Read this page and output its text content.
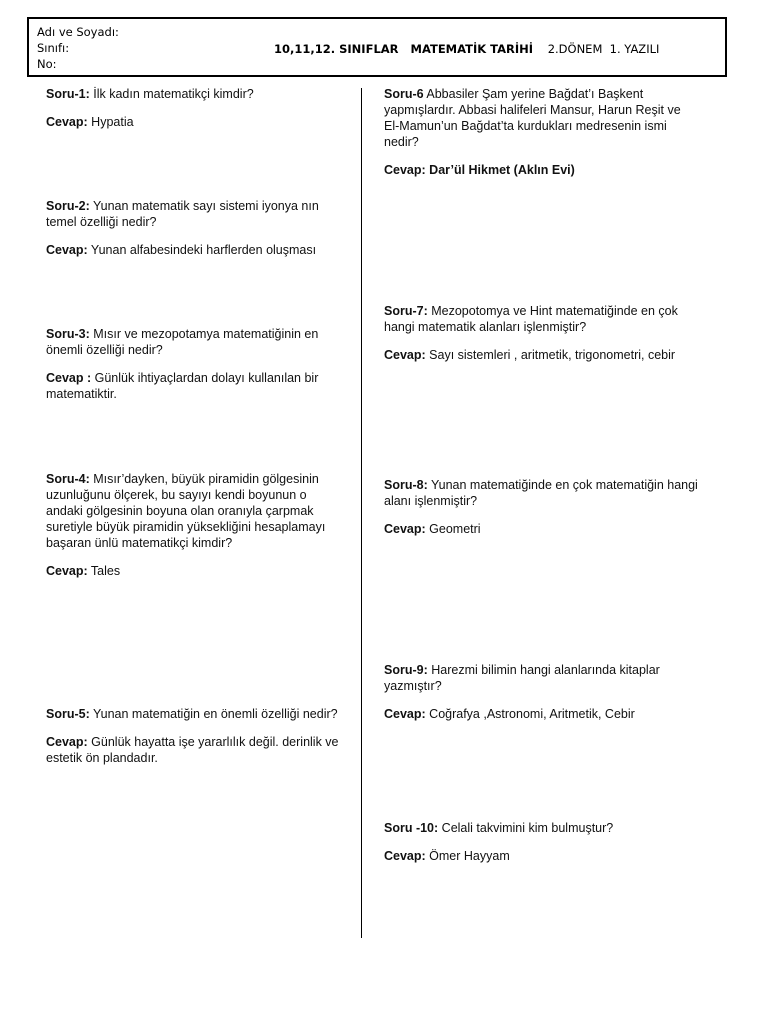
Adı ve Soyadı:
Sınıfı:
No:
10,11,12. SINIFLAR   MATEMATİK TARİHİ 2.DÖNEM  1. YAZILI

Soru-1: İlk kadın matematikçi kimdir?

Cevap: Hypatia

Soru-2: Yunan matematik sayı sistemi iyonya nın temel özelliği nedir?

Cevap: Yunan alfabesindeki harflerden oluşması

Soru-3: Mısır ve mezopotamya matematiğinin en önemli özelliği nedir?

Cevap : Günlük ihtiyaçlardan dolayı kullanılan bir matematiktir.

Soru-4: Mısır’dayken, büyük piramidin gölgesinin uzunluğunu ölçerek, bu sayıyı kendi boyunun o andaki gölgesinin boyuna olan oranıyla çarpmak suretiyle büyük piramidin yüksekliğini hesaplamayı başaran ünlü matematikçi kimdir?

Cevap: Tales

Soru-5: Yunan matematiğin en önemli özelliği nedir?

Cevap: Günlük hayatta işe yararlılık değil. derinlik ve estetik ön plandadır.

Soru-6 Abbasiler Şam yerine Bağdat’ı Başkent yapmışlardır. Abbasi halifeleri Mansur, Harun Reşit ve El-Mamun’un Bağdat’ta kurdukları medresenin ismi nedir?

Cevap: Dar’ül Hikmet (Aklın Evi)

Soru-7: Mezopotomya ve Hint matematiğinde en çok hangi matematik alanları işlenmiştir?

Cevap: Sayı sistemleri , aritmetik, trigonometri, cebir

Soru-8: Yunan matematiğinde en çok matematiğin hangi alanı işlenmiştir?

Cevap: Geometri

Soru-9: Harezmi bilimin hangi alanlarında kitaplar yazmıştır?

Cevap: Coğrafya ,Astronomi, Aritmetik, Cebir

Soru -10: Celali takvimini kim bulmuştur?

Cevap: Ömer Hayyam
